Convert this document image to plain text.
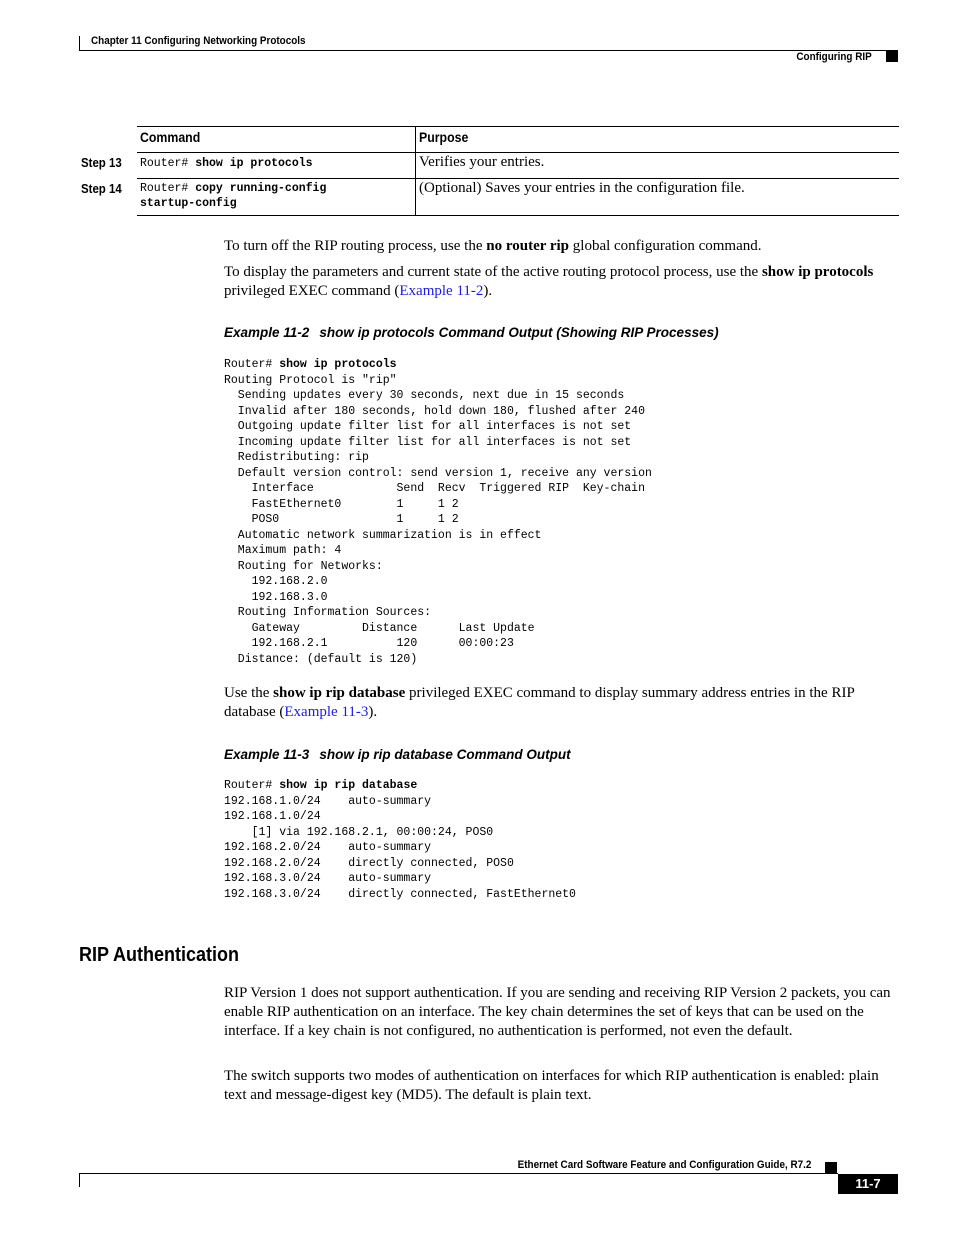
Chapter 11 Configuring Networking Protocols
Configuring RIP
Step 13
Step 14
Command	Purpose
Router# show ip protocols	Verifies your entries.
Router# copy running-config
startup-config
(Optional) Saves your entries in the configuration file.
To turn off the RIP routing process, use the no router rip global configuration command.
To display the parameters and current state of the active routing protocol process, use the show ip protocols privileged EXEC command (Example 11-2).
Example 11-2 show ip protocols Command Output (Showing RIP Processes)
Router# show ip protocols
Routing Protocol is "rip"
Sending updates every 30 seconds, next due in 15 seconds
Invalid after 180 seconds, hold down 180, flushed after 240
Outgoing update filter list for all interfaces is not set
Incoming update filter list for all interfaces is not set
Redistributing: rip
Default version control: send version 1, receive any version
Interface            Send  Recv  Triggered RIP  Key-chain
FastEthernet0        1     1 2
POS0                 1     1 2
Automatic network summarization is in effect
Maximum path: 4
Routing for Networks:
192.168.2.0
192.168.3.0
Routing Information Sources:
Gateway         Distance      Last Update
192.168.2.1          120      00:00:23
Distance: (default is 120)
Use the show ip rip database privileged EXEC command to display summary address entries in the RIP database (Example 11-3).
Example 11-3 show ip rip database Command Output
Router# show ip rip database
192.168.1.0/24    auto-summary
192.168.1.0/24
[1] via 192.168.2.1, 00:00:24, POS0
192.168.2.0/24    auto-summary
192.168.2.0/24    directly connected, POS0
192.168.3.0/24    auto-summary
192.168.3.0/24    directly connected, FastEthernet0
RIP Authentication
RIP Version 1 does not support authentication. If you are sending and receiving RIP Version 2 packets, you can enable RIP authentication on an interface. The key chain determines the set of keys that can be used on the interface. If a key chain is not configured, no authentication is performed, not even the default.
The switch supports two modes of authentication on interfaces for which RIP authentication is enabled: plain text and message-digest key (MD5). The default is plain text.
Ethernet Card Software Feature and Configuration Guide, R7.2
11-7
